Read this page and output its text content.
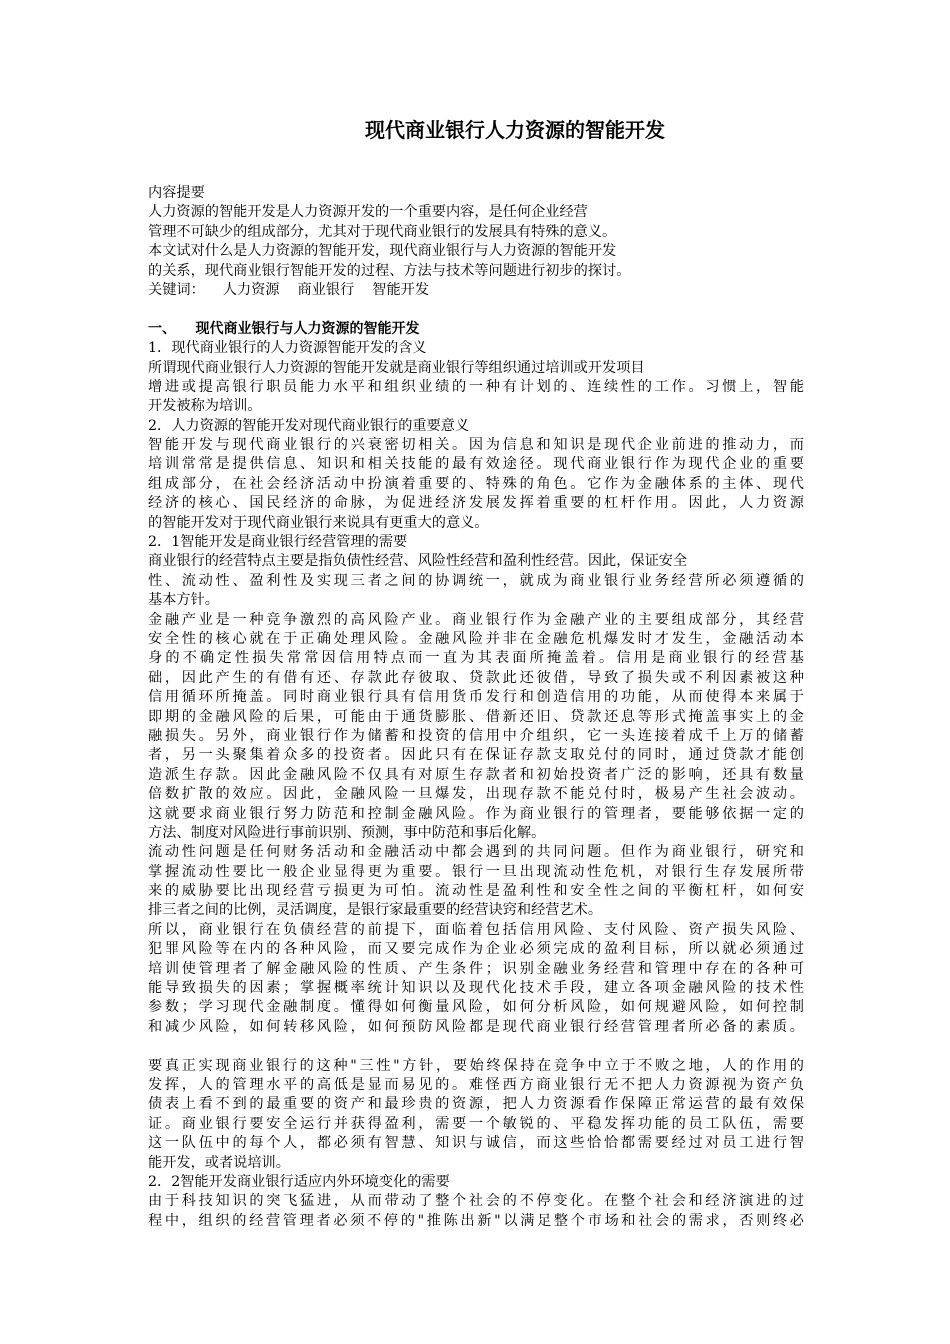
现代商业银行人力资源的智能开发
内容提要
人力资源的智能开发是人力资源开发的一个重要内容，是任何企业经营
管理不可缺少的组成部分，尤其对于现代商业银行的发展具有特殊的意义。
本文试对什么是人力资源的智能开发，现代商业银行与人力资源的智能开发
的关系，现代商业银行智能开发的过程、方法与技术等问题进行初步的探讨。
关键词： 人力资源 商业银行 智能开发
一、    现代商业银行与人力资源的智能开发
1．现代商业银行的人力资源智能开发的含义
所谓现代商业银行人力资源的智能开发就是商业银行等组织通过培训或开发项目
增进或提高银行职员能力水平和组织业绩的一种有计划的、连续性的工作。习惯上，智能
开发被称为培训。
2．人力资源的智能开发对现代商业银行的重要意义
智能开发与现代商业银行的兴衰密切相关。因为信息和知识是现代企业前进的推动力，而
培训常常是提供信息、知识和相关技能的最有效途径。现代商业银行作为现代企业的重要
组成部分，在社会经济活动中扮演着重要的、特殊的角色。它作为金融体系的主体、现代
经济的核心、国民经济的命脉，为促进经济发展发挥着重要的杠杆作用。因此，人力资源
的智能开发对于现代商业银行来说具有更重大的意义。
2．1智能开发是商业银行经营管理的需要
商业银行的经营特点主要是指负债性经营、风险性经营和盈利性经营。因此，保证安全
性、流动性、盈利性及实现三者之间的协调统一，就成为商业银行业务经营所必须遵循的
基本方针。
金融产业是一种竞争激烈的高风险产业。商业银行作为金融产业的主要组成部分，其经营
安全性的核心就在于正确处理风险。金融风险并非在金融危机爆发时才发生，金融活动本
身的不确定性损失常常因信用特点而一直为其表面所掩盖着。信用是商业银行的经营基
础，因此产生的有借有还、存款此存彼取、贷款此还彼借，导致了损失或不利因素被这种
信用循环所掩盖。同时商业银行具有信用货币发行和创造信用的功能，从而使得本来属于
即期的金融风险的后果，可能由于通货膨胀、借新还旧、贷款还息等形式掩盖事实上的金
融损失。另外，商业银行作为储蓄和投资的信用中介组织，它一头连接着成千上万的储蓄
者，另一头聚集着众多的投资者。因此只有在保证存款支取兑付的同时，通过贷款才能创
造派生存款。因此金融风险不仅具有对原生存款者和初始投资者广泛的影响，还具有数量
倍数扩散的效应。因此，金融风险一旦爆发，出现存款不能兑付时，极易产生社会波动。
这就要求商业银行努力防范和控制金融风险。作为商业银行的管理者，要能够依据一定的
方法、制度对风险进行事前识别、预测，事中防范和事后化解。
流动性问题是任何财务活动和金融活动中都会遇到的共同问题。但作为商业银行，研究和
掌握流动性要比一般企业显得更为重要。银行一旦出现流动性危机，对银行生存发展所带
来的威胁要比出现经营亏损更为可怕。流动性是盈利性和安全性之间的平衡杠杆，如何安
排三者之间的比例，灵活调度，是银行家最重要的经营诀窍和经营艺术。
所以，商业银行在负债经营的前提下，面临着包括信用风险、支付风险、资产损失风险、
犯罪风险等在内的各种风险，而又要完成作为企业必须完成的盈利目标，所以就必须通过
培训使管理者了解金融风险的性质、产生条件；识别金融业务经营和管理中存在的各种可
能导致损失的因素；掌握概率统计知识以及现代化技术手段，建立各项金融风险的技术性
参数；学习现代金融制度。懂得如何衡量风险，如何分析风险，如何规避风险，如何控制
和减少风险，如何转移风险，如何预防风险都是现代商业银行经营管理者所必备的素质。
要真正实现商业银行的这种"三性"方针，要始终保持在竞争中立于不败之地，人的作用的
发挥，人的管理水平的高低是显而易见的。难怪西方商业银行无不把人力资源视为资产负
债表上看不到的最重要的资产和最珍贵的资源，把人力资源看作保障正常运营的最有效保
证。商业银行要安全运行并获得盈利，需要一个敏锐的、平稳发挥功能的员工队伍，需要
这一队伍中的每个人，都必须有智慧、知识与诚信，而这些恰恰都需要经过对员工进行智
能开发，或者说培训。
2．2智能开发商业银行适应内外环境变化的需要
由于科技知识的突飞猛进，从而带动了整个社会的不停变化。在整个社会和经济演进的过
程中，组织的经营管理者必须不停的"推陈出新"以满足整个市场和社会的需求，否则终必
